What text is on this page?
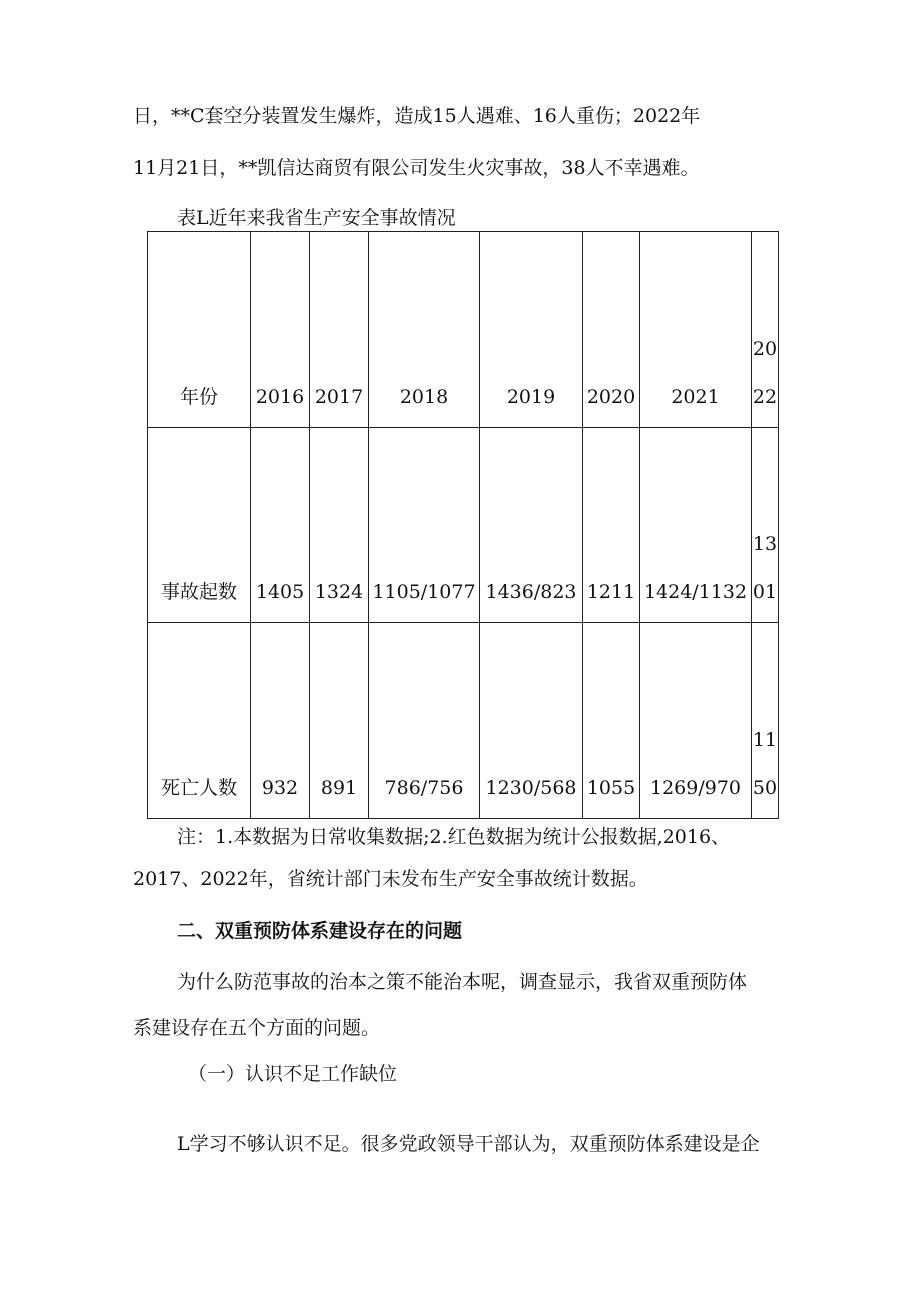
日，**C套空分装置发生爆炸，造成15人遇难、16人重伤；2022年
11月21日，**凯信达商贸有限公司发生火灾事故，38人不幸遇难。
表L近年来我省生产安全事故情况
年份	2016	2017	2018	2019	2020	2021	2022

事故起数	1405	1324	1105/1077	1436/823	1211	1424/1132	1301

死亡人数	932	891	786/756	1230/568	1055	1269/970	1150
注：1.本数据为日常收集数据;2.红色数据为统计公报数据,2016、
2017、2022年，省统计部门未发布生产安全事故统计数据。
二、双重预防体系建设存在的问题
为什么防范事故的治本之策不能治本呢，调查显示，我省双重预防体
系建设存在五个方面的问题。
（一）认识不足工作缺位
L学习不够认识不足。很多党政领导干部认为，双重预防体系建设是企
